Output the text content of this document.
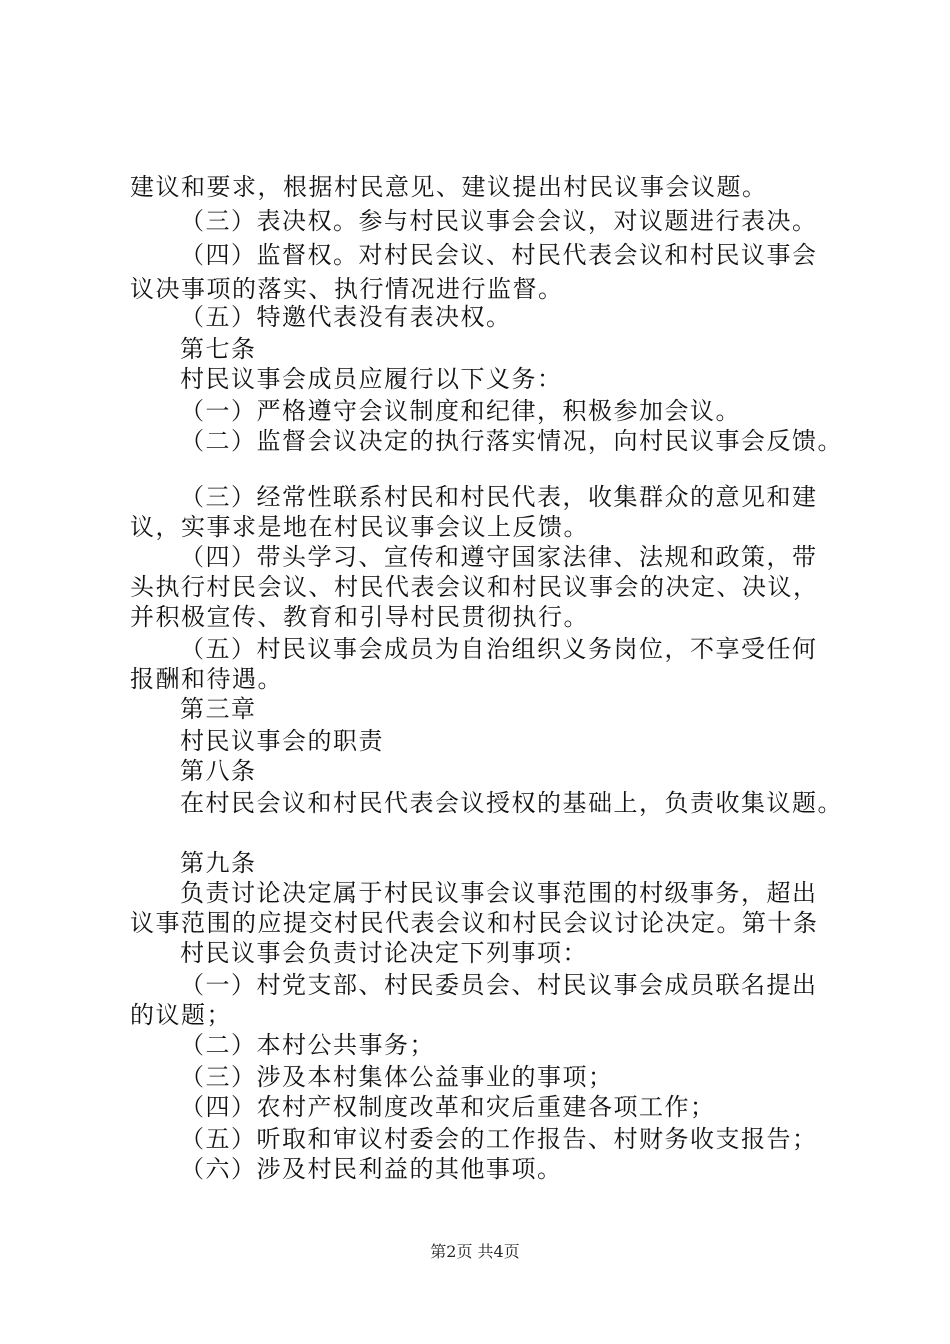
建议和要求，根据村民意见、建议提出村民议事会议题。
（三）表决权。参与村民议事会会议，对议题进行表决。
（四）监督权。对村民会议、村民代表会议和村民议事会
议决事项的落实、执行情况进行监督。
（五）特邀代表没有表决权。
第七条
村民议事会成员应履行以下义务：
（一）严格遵守会议制度和纪律，积极参加会议。
（二）监督会议决定的执行落实情况，向村民议事会反馈。
（三）经常性联系村民和村民代表，收集群众的意见和建
议，实事求是地在村民议事会议上反馈。
（四）带头学习、宣传和遵守国家法律、法规和政策，带
头执行村民会议、村民代表会议和村民议事会的决定、决议，
并积极宣传、教育和引导村民贯彻执行。
（五）村民议事会成员为自治组织义务岗位，不享受任何
报酬和待遇。
第三章
村民议事会的职责
第八条
在村民会议和村民代表会议授权的基础上，负责收集议题。
第九条
负责讨论决定属于村民议事会议事范围的村级事务，超出
议事范围的应提交村民代表会议和村民会议讨论决定。第十条
村民议事会负责讨论决定下列事项：
（一）村党支部、村民委员会、村民议事会成员联名提出
的议题；
（二）本村公共事务；
（三）涉及本村集体公益事业的事项；
（四）农村产权制度改革和灾后重建各项工作；
（五）听取和审议村委会的工作报告、村财务收支报告；
（六）涉及村民利益的其他事项。
第2页 共4页
